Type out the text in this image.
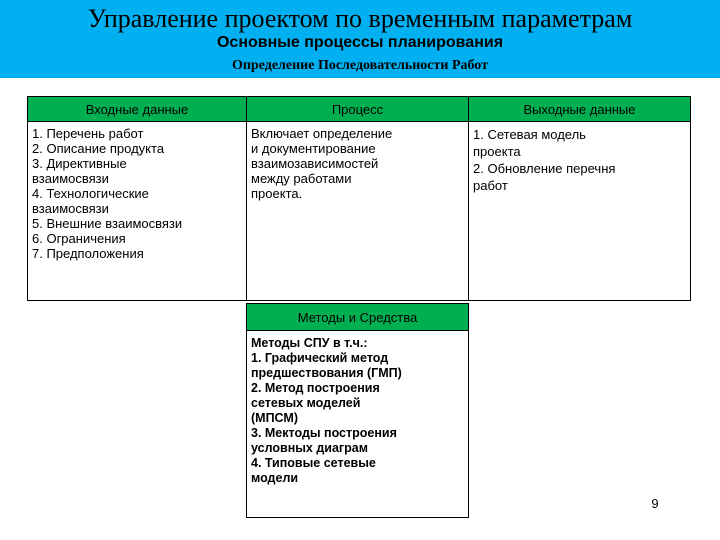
Управление проектом по временным параметрам
Основные процессы планирования
Определение Последовательности Работ
Входные данные	Процесс	Выходные данные
1. Перечень работ
2. Описание продукта
3. Директивные
взаимосвязи
4. Технологические
взаимосвязи
5. Внешние взаимосвязи
6. Ограничения
7. Предположения
Включает определение
и документирование
взаимозависимостей
между работами
проекта.
1. Сетевая модель
проекта
2. Обновление перечня
работ
Методы и Средства
Методы СПУ в т.ч.:
1. Графический метод
предшествования (ГМП)
2. Метод построения
сетевых моделей
(МПСМ)
3. Мектоды построения
условных диаграм
4. Типовые сетевые
модели
9
